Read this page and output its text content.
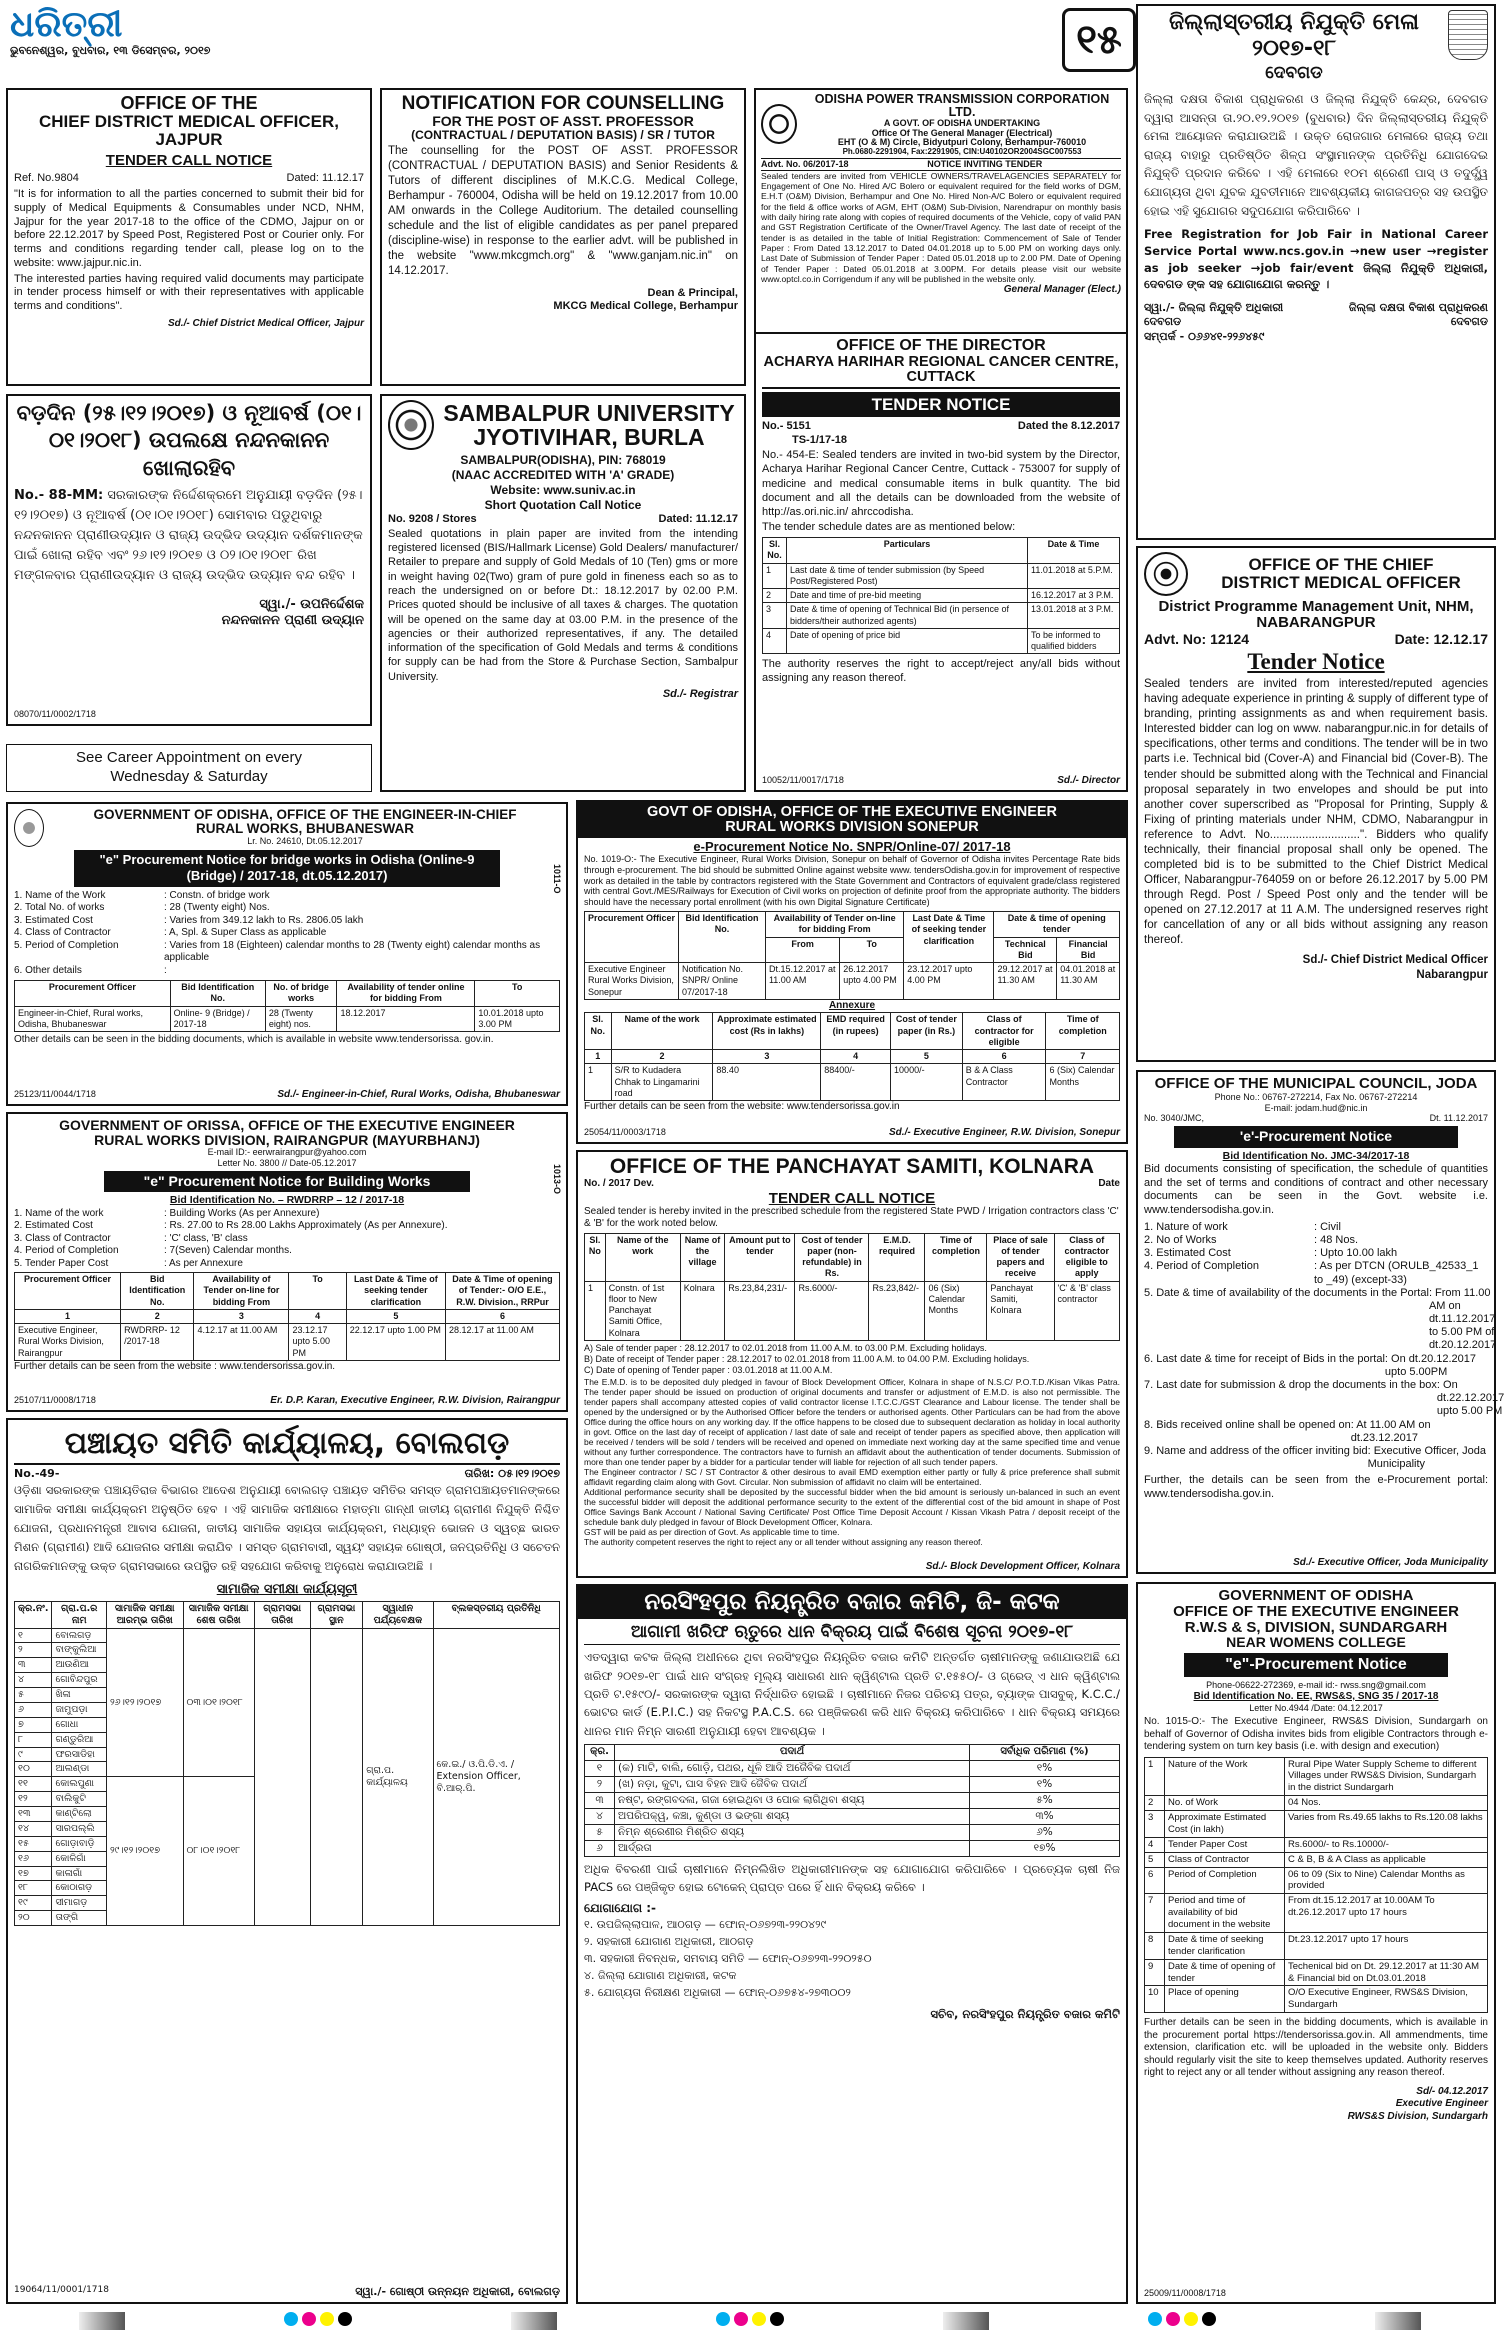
ଧରିତ୍ରୀ
ଭୁବନେଶ୍ୱର, ବୁଧବାର, ୧୩ ଡିସେମ୍ବର, ୨୦୧୭
OFFICE OF THE
CHIEF DISTRICT MEDICAL OFFICER, JAJPUR
TENDER CALL NOTICE
Ref. No.9804	Dated: 11.12.17
"It is for information to all the parties concerned to submit their bid for supply of Medical Equipments & Consumables under NCD, NHM, Jajpur for the year 2017-18 to the office of the CDMO, Jajpur on or before 22.12.2017 by Speed Post, Registered Post or Courier only. For terms and conditions regarding tender call, please log on to the website: www.jajpur.nic.in.
The interested parties having required valid documents may participate in tender process himself or with their representatives with applicable terms and conditions".
Sd./- Chief District Medical Officer, Jajpur
NOTIFICATION FOR COUNSELLING
FOR THE POST OF ASST. PROFESSOR
(CONTRACTUAL / DEPUTATION BASIS) / SR / TUTOR
The counselling for the POST OF ASST. PROFESSOR (CONTRACTUAL / DEPUTATION BASIS) and Senior Residents & Tutors of different disciplines of M.K.C.G. Medical College, Berhampur - 760004, Odisha will be held on 19.12.2017 from 10.00 AM onwards in the College Auditorium. The detailed counselling schedule and the list of eligible candidates as per panel prepared (discipline-wise) in response to the earlier advt. will be published in the website "www.mkcgmch.org" & "www.ganjam.nic.in" on 14.12.2017.
Dean & Principal,
MKCG Medical College, Berhampur
ODISHA POWER TRANSMISSION CORPORATION LTD.
A GOVT. OF ODISHA UNDERTAKING
Office Of The General Manager (Electrical)
EHT (O & M) Circle, Bidyutpuri Colony, Berhampur-760010
Ph.0680-2291904, Fax:2291905, CIN:U40102OR2004SGC007553
Advt. No. 06/2017-18	NOTICE INVITING TENDER
Sealed tenders are invited from VEHICLE OWNERS/TRAVELAGENCIES SEPARATELY for Engagement of One No. Hired A/C Bolero or equivalent required for the field works of DGM, E.H.T (O&M) Division, Berhampur and One No. Hired Non-A/C Bolero or equivalent required for the field & office works of AGM, EHT (O&M) Sub-Division, Narendrapur on monthly basis with daily hiring rate along with copies of required documents of the Vehicle, copy of valid PAN and GST Registration Certificate of the Owner/Travel Agency. The last date of receipt of the tender is as detailed in the table of Initial Registration: Commencement of Sale of Tender Paper : From Dated 13.12.2017 to Dated 04.01.2018 up to 5.00 PM on working days only. Last Date of Submission of Tender Paper : Dated 05.01.2018 up to 2.00 PM. Date of Opening of Tender Paper : Dated 05.01.2018 at 3.00PM. For details please visit our website www.optcl.co.in Corrigendum if any will be published in the website only.
General Manager (Elect.)
୧୫	ଜିଲ୍ଲାସ୍ତରୀୟ ନିଯୁକ୍ତି ମେଳା ୨୦୧୭-୧୮
ଦେବଗଡ
ଜିଲ୍ଲା ଦକ୍ଷତା ବିକାଶ ପ୍ରାଧିକରଣ ଓ ଜିଲ୍ଲା ନିଯୁକ୍ତି କେନ୍ଦ୍ର, ଦେବଗଡ ଦ୍ୱାରା ଆସନ୍ତା ତା.୨୦.୧୨.୨୦୧୭ (ବୁଧବାର) ଦିନ ଜିଲ୍ଲାସ୍ତରୀୟ ନିଯୁକ୍ତି ମେଳା ଆୟୋଜନ କରାଯାଉଅଛି । ଉକ୍ତ ରୋଜଗାର ମେଳାରେ ରାଜ୍ୟ ତଥା ରାଜ୍ୟ ବାହାରୁ ପ୍ରତିଷ୍ଠିତ ଶିଳ୍ପ ସଂସ୍ଥାମାନଙ୍କ ପ୍ରତିନିଧି ଯୋଗଦେଇ ନିଯୁକ୍ତି ପ୍ରଦାନ କରିବେ । ଏହି ମେଳାରେ ୧୦ମ ଶ୍ରେଣୀ ପାସ୍ ଓ ତଦୁର୍ଦ୍ଧ୍ୱ ଯୋଗ୍ୟତା ଥିବା ଯୁବକ ଯୁବତୀମାନେ ଆବଶ୍ୟକୀୟ କାଗଜପତ୍ର ସହ ଉପସ୍ଥିତ ହୋଇ ଏହି ସୁଯୋଗର ସଦୁପଯୋଗ କରିପାରିବେ ।
Free Registration for Job Fair in National Career Service Portal www.ncs.gov.in →new user →register as job seeker →job fair/event ଜିଲ୍ଲା ନିଯୁକ୍ତି ଅଧିକାରୀ, ଦେବଗଡ ଙ୍କ ସହ ଯୋଗାଯୋଗ କରନ୍ତୁ ।
ସ୍ୱା./- ଜିଲ୍ଲା ନିଯୁକ୍ତି ଅଧିକାରୀ	ଜିଲ୍ଲା ଦକ୍ଷତା ବିକାଶ ପ୍ରାଧିକରଣ
ଦେବଗଡ	ଦେବଗଡ
ସମ୍ପର୍କ - ୦୬୬୪୧-୨୨୬୪୫୯
ବଡ଼ଦିନ (୨୫।୧୨।୨୦୧୭) ଓ ନୂଆବର୍ଷ (୦୧।୦୧।୨୦୧୮) ଉପଲକ୍ଷେ ନନ୍ଦନକାନନ ଖୋଲାରହିବ
No.- 88-MM: ସରକାରଙ୍କ ନିର୍ଦ୍ଦେଶକ୍ରମେ ଅନୁଯାୟୀ ବଡ଼ଦିନ (୨୫।୧୨।୨୦୧୭) ଓ ନୂଆବର୍ଷ (୦୧।୦୧।୨୦୧୮) ସୋମବାର ପଡୁଥିବାରୁ ନନ୍ଦନକାନନ ପ୍ରାଣୀଉଦ୍ୟାନ ଓ ରାଜ୍ୟ ଉଦ୍ଭିଦ ଉଦ୍ୟାନ ଦର୍ଶକମାନଙ୍କ ପାଇଁ ଖୋଲା ରହିବ ଏବଂ ୨୬।୧୨।୨୦୧୭ ଓ ୦୨।୦୧।୨୦୧୮ ରିଖ ମଙ୍ଗଳବାର ପ୍ରାଣୀଉଦ୍ୟାନ ଓ ରାଜ୍ୟ ଉଦ୍ଭିଦ ଉଦ୍ୟାନ ବନ୍ଦ ରହିବ ।
ସ୍ୱା./- ଉପନିର୍ଦ୍ଦେଶକ
ନନ୍ଦନକାନନ ପ୍ରାଣୀ ଉଦ୍ୟାନ
08070/11/0002/1718
See Career Appointment on every
Wednesday & Saturday
SAMBALPUR UNIVERSITY
JYOTIVIHAR, BURLA
SAMBALPUR(ODISHA), PIN: 768019
(NAAC ACCREDITED WITH 'A' GRADE)
Website: www.suniv.ac.in
Short Quotation Call Notice
No. 9208 / Stores	Dated: 11.12.17
Sealed quotations in plain paper are invited from the intending registered licensed (BIS/Hallmark License) Gold Dealers/ manufacturer/ Retailer to prepare and supply of Gold Medals of 10 (Ten) gms or more in weight having 02(Two) gram of pure gold in fineness each so as to reach the undersigned on or before Dt.: 18.12.2017 by 02.00 P.M. Prices quoted should be inclusive of all taxes & charges. The quotation will be opened on the same day at 03.00 P.M. in the presence of the agencies or their authorized representatives, if any. The detailed information of the specification of Gold Medals and terms & conditions for supply can be had from the Store & Purchase Section, Sambalpur University.
Sd./- Registrar
OFFICE OF THE DIRECTOR
ACHARYA HARIHAR REGIONAL CANCER CENTRE, CUTTACK
TENDER NOTICE
No.- 5151	Dated the 8.12.2017
TS-1/17-18
No.- 454-E: Sealed tenders are invited in two-bid system by the Director, Acharya Harihar Regional Cancer Centre, Cuttack - 753007 for supply of medicine and medical consumable items in bulk quantity. The bid document and all the details can be downloaded from the website of http://as.ori.nic.in/ ahrccodisha.
The tender schedule dates are as mentioned below:
Sl. No.	Particulars	Date & Time
1	Last date & time of tender submission (by Speed Post/Registered Post)	11.01.2018 at 5.P.M.
2	Date and time of pre-bid meeting	16.12.2017 at 3 P.M.
3	Date & time of opening of Technical Bid (in persence of bidders/their authorized agents)	13.01.2018 at 3 P.M.
4	Date of opening of price bid	To be informed to qualified bidders
The authority reserves the right to accept/reject any/all bids without assigning any reason thereof.
10052/11/0017/1718	Sd./- Director
OFFICE OF THE CHIEF
DISTRICT MEDICAL OFFICER
District Programme Management Unit, NHM, NABARANGPUR
Advt. No: 12124	Date: 12.12.17
Tender Notice
Sealed tenders are invited from interested/reputed agencies having adequate experience in printing & supply of different type of branding, printing assignments as and when requirement basis. Interested bidder can log on www. nabarangpur.nic.in for details of specifications, other terms and conditions. The tender will be in two parts i.e. Technical bid (Cover-A) and Financial bid (Cover-B). The tender should be submitted along with the Technical and Financial proposal separately in two envelopes and should be put into another cover superscribed as "Proposal for Printing, Supply & Fixing of printing materials under NHM, CDMO, Nabarangpur in reference to Advt. No............................". Bidders who qualify technically, their financial proposal shall only be opened. The completed bid is to be submitted to the Chief District Medical Officer, Nabarangpur-764059 on or before 26.12.2017 by 5.00 PM through Regd. Post / Speed Post only and the tender will be opened on 27.12.2017 at 11 A.M. The undersigned reserves right for cancellation of any or all bids without assigning any reason thereof.
Sd./- Chief District Medical Officer
Nabarangpur
GOVERNMENT OF ODISHA, OFFICE OF THE ENGINEER-IN-CHIEF
RURAL WORKS, BHUBANESWAR
Lr. No. 24610, Dt.05.12.2017
"e" Procurement Notice for bridge works in Odisha (Online-9 (Bridge) / 2017-18, dt.05.12.2017)
1. Name of the Work	: Constn. of bridge work
2. Total No. of works	: 28 (Twenty eight) Nos.
3. Estimated Cost	: Varies from 349.12 lakh to Rs. 2806.05 lakh
4. Class of Contractor	: A, Spl. & Super Class as applicable
5. Period of Completion	: Varies from 18 (Eighteen) calendar months to 28 (Twenty eight) calendar months as applicable
6. Other details	:
Procurement Officer	Bid Identification No.	No. of bridge works	Availability of tender online for bidding From	To
Engineer-in-Chief, Rural works, Odisha, Bhubaneswar	Online- 9 (Bridge) / 2017-18	28 (Twenty eight) nos.	18.12.2017	10.01.2018 upto 3.00 PM
Other details can be seen in the bidding documents, which is available in website www.tendersorissa. gov.in.
25123/11/0044/1718	Sd./- Engineer-in-Chief, Rural Works, Odisha, Bhubaneswar
1011-O
GOVT OF ODISHA, OFFICE OF THE EXECUTIVE ENGINEER
RURAL WORKS DIVISION SONEPUR
e-Procurement Notice No. SNPR/Online-07/ 2017-18
No. 1019-O:- The Executive Engineer, Rural Works Division, Sonepur on behalf of Governor of Odisha invites Percentage Rate bids through e-procurement. The bid should be submitted Online against website www. tendersOdisha.gov.in for improvement of respective work as detailed in the table by contractors registered with the State Government and Contractors of equivalent grade/class registered with central Govt./MES/Railways for Execution of Civil works on projection of definite proof from the appropriate authority. The bidders should have the necessary portal enrollment (with his own Digital Signature Certificate)
Procurement Officer	Bid Identification No.	Availability of Tender on-line for bidding From		Last Date & Time of seeking tender clarification	Date & time of opening tender	
		From	To		Technical Bid	Financial Bid
Executive Engineer Rural Works Division, Sonepur	Notification No. SNPR/ Online 07/2017-18	Dt.15.12.2017 at 11.00 AM	26.12.2017 upto 4.00 PM	23.12.2017 upto 4.00 PM	29.12.2017 at 11.30 AM	04.01.2018 at 11.30 AM
Annexure
Sl. No.	Name of the work	Approximate estimated cost (Rs in lakhs)	EMD required (in rupees)	Cost of tender paper (in Rs.)	Class of contractor for eligible	Time of completion
1	2	3	4	5	6	7
1	S/R to Kudadera Chhak to Lingamarini road	88.40	88400/-	10000/-	B & A Class Contractor	6 (Six) Calendar Months
Further details can be seen from the website: www.tendersorissa.gov.in
25054/11/0003/1718	Sd./- Executive Engineer, R.W. Division, Sonepur
GOVERNMENT OF ORISSA, OFFICE OF THE EXECUTIVE ENGINEER
RURAL WORKS DIVISION, RAIRANGPUR (MAYURBHANJ)
E-mail ID:- eerwrairangpur@yahoo.com
Letter No. 3800 // Date-05.12.2017
"e" Procurement Notice for Building Works
Bid Identification No. – RWDRRP – 12 / 2017-18
1. Name of the work	: Building Works (As per Annexure)
2. Estimated Cost	: Rs. 27.00 to Rs 28.00 Lakhs Approximately (As per Annexure).
3. Class of Contractor	: 'C' class, 'B' class
4. Period of Completion	: 7(Seven) Calendar months.
5. Tender Paper Cost	: As per Annexure
Procurement Officer	Bid Identification No.	Availability of Tender on-line for bidding From	To	Last Date & Time of seeking tender clarification	Date & Time of opening of Tender:- O/O E.E., R.W. Division., RRPur
1	2	3	4	5	6
Executive Engineer, Rural Works Division, Rairangpur	RWDRRP- 12 /2017-18	4.12.17 at 11.00 AM	23.12.17 upto 5.00 PM	22.12.17 upto 1.00 PM	28.12.17 at 11.00 AM
Further details can be seen from the website : www.tendersorissa.gov.in.
25107/11/0008/1718	Er. D.P. Karan, Executive Engineer, R.W. Division, Rairangpur
1013-O	OFFICE OF THE PANCHAYAT SAMITI, KOLNARA
No. / 2017 Dev.	Date
TENDER CALL NOTICE
Sealed tender is hereby invited in the prescribed schedule from the registered State PWD / Irrigation contractors class 'C' & 'B' for the work noted below.
Sl. No	Name of the work	Name of the village	Amount put to tender	Cost of tender paper (non-refundable) in Rs.	E.M.D. required	Time of completion	Place of sale of tender papers and receive	Class of contractor eligible to apply
1	Constn. of 1st floor to New Panchayat Samiti Office, Kolnara	Kolnara	Rs.23,84,231/-	Rs.6000/-	Rs.23,842/-	06 (Six) Calendar Months	Panchayat Samiti, Kolnara	'C' & 'B' class contractor
A) Sale of tender paper : 28.12.2017 to 02.01.2018 from 11.00 A.M. to 03.00 P.M. Excluding holidays.
B) Date of receipt of Tender paper : 28.12.2017 to 02.01.2018 from 11.00 A.M. to 04.00 P.M. Excluding holidays.
C) Date of opening of Tender paper : 03.01.2018 at 11.00 A.M.
The E.M.D. is to be deposited duly pledged in favour of Block Development Officer, Kolnara in shape of N.S.C/ P.O.T.D./Kisan Vikas Patra. The tender paper should be issued on production of original documents and transfer or adjustment of E.M.D. is also not permissible. The tender papers shall accompany attested copies of valid contractor license I.T.C.C./GST Clearance and Labour license. The tender shall be opened by the undersigned or by the Authorised Officer before the tenders or authorised agents. Other Particulars can be had from the above Office during the office hours on any working day. If the office happens to be closed due to subsequent declaration as holiday in local authority in govt. Office on the last day of receipt of application / last date of sale and receipt of tender papers as specified above, then application will be received / tenders will be sold / tenders will be received and opened on immediate next working day at the same specified time and venue without any further correspondence. The contractors have to furnish an affidavit about the authentication of tender documents. Submission of more than one tender paper by a bidder for a particular tender will liable for rejection of all such tender papers.
The Engineer contractor / SC / ST Contractor & other desirous to avail EMD exemption either partly or fully & price preference shall submit affidavit regarding claim along with Govt. Circular. Non submission of affidavit no claim will be entertained.
Additional performance security shall be deposited by the successful bidder when the bid amount is seriously un-balanced in such an event the successful bidder will deposit the additional performance security to the extent of the differential cost of the bid amount in shape of Post Office Savings Bank Account / National Saving Certificate/ Post Office Time Deposit Account / Kissan Vikash Patra / deposit receipt of the schedule bank duly pledged in favour of Block Development Officer, Kolnara.
GST will be paid as per direction of Govt. As applicable time to time.
The authority competent reserves the right to reject any or all tender without assigning any reason thereof.
Sd./- Block Development Officer, Kolnara
OFFICE OF THE MUNICIPAL COUNCIL, JODA
Phone No.: 06767-272214, Fax No. 06767-272214
E-mail: jodam.hud@nic.in
No. 3040/JMC,	Dt. 11.12.2017
'e'-Procurement Notice
Bid Identification No. JMC-34/2017-18
Bid documents consisting of specification, the schedule of quantities and the set of terms and conditions of contract and other necessary documents can be seen in the Govt. website i.e. www.tendersodisha.gov.in.
1. Nature of work	: Civil
2. No of Works	: 48 Nos.
3. Estimated Cost	: Upto 10.00 lakh
4. Period of Completion	: As per DTCN (ORULB_42533_1 to _49) (except-33)
5. Date & time of availability of the documents in the Portal : From 11.00 AM on dt.11.12.2017 to 5.00 PM of dt.20.12.2017
6. Last date & time for receipt of Bids in the portal : On dt.20.12.2017 upto 5.00PM
7. Last date for submission & drop the documents in the box : On dt.22.12.2017 upto 5.00 PM
8. Bids received online shall be opened on : At 11.00 AM on dt.23.12.2017
9. Name and address of the officer inviting bid : Executive Officer, Joda Municipality
Further, the details can be seen from the e-Procurement portal: www.tendersodisha.gov.in.
Sd./- Executive Officer, Joda Municipality
ପଞ୍ଚାୟତ ସମିତି କାର୍ଯ୍ୟାଳୟ, ବୋଲଗଡ଼
No.-49-	ତାରିଖ: ୦୫।୧୨।୨୦୧୭
ଓଡ଼ିଶା ସରକାରଙ୍କ ପଞ୍ଚାୟତିରାଜ ବିଭାଗର ଆଦେଶ ଅନୁଯାୟୀ ବୋଲଗଡ଼ ପଞ୍ଚାୟତ ସମିତିର ସମସ୍ତ ଗ୍ରାମପଞ୍ଚାୟତମାନଙ୍କରେ ସାମାଜିକ ସମୀକ୍ଷା କାର୍ଯ୍ୟକ୍ରମ ଅନୁଷ୍ଠିତ ହେବ । ଏହି ସାମାଜିକ ସମୀକ୍ଷାରେ ମହାତ୍ମା ଗାନ୍ଧୀ ଜାତୀୟ ଗ୍ରାମୀଣ ନିଯୁକ୍ତି ନିଶ୍ଚିତ ଯୋଜନା, ପ୍ରଧାନମନ୍ତ୍ରୀ ଆବାସ ଯୋଜନା, ଜାତୀୟ ସାମାଜିକ ସହାୟତା କାର୍ଯ୍ୟକ୍ରମ, ମଧ୍ୟାହ୍ନ ଭୋଜନ ଓ ସ୍ୱଚ୍ଛ ଭାରତ ମିଶନ (ଗ୍ରାମୀଣ) ଆଦି ଯୋଜନାର ସମୀକ୍ଷା କରାଯିବ । ସମସ୍ତ ଗ୍ରାମବାସୀ, ସ୍ୱୟଂ ସହାୟକ ଗୋଷ୍ଠୀ, ଜନପ୍ରତିନିଧି ଓ ସଚେତନ ନାଗରିକମାନଙ୍କୁ ଉକ୍ତ ଗ୍ରାମସଭାରେ ଉପସ୍ଥିତ ରହି ସହଯୋଗ କରିବାକୁ ଅନୁରୋଧ କରାଯାଉଅଛି ।
ସାମାଜିକ ସମୀକ୍ଷା କାର୍ଯ୍ୟସୂଚୀ
କ୍ର.ନଂ.	ଗ୍ରା.ପ.ର ନାମ	ସାମାଜିକ ସମୀକ୍ଷା ଆରମ୍ଭ ତାରିଖ	ସାମାଜିକ ସମୀକ୍ଷା ଶେଷ ତାରିଖ	ଗ୍ରାମସଭା ତାରିଖ	ଗ୍ରାମସଭା ସ୍ଥାନ	ସ୍ୱାଧୀନ ପର୍ଯ୍ୟବେକ୍ଷକ	ବ୍ଲକସ୍ତରୀୟ ପ୍ରତିନିଧି
୧	ବୋଲଗଡ଼	୨୬।୧୨।୨୦୧୭	୦୩।୦୧।୨୦୧୮			ଗ୍ରା.ପ. କାର୍ଯ୍ୟାଳୟ	କେ.ଇ./ ଓ.ପି.ଡି.ଏ. / Extension Officer, ବି.ଆର୍.ପି.
୨	ବାଙ୍କୁଲିଆ						
୩	ଆଉଣିଆ						
୪	ଗୋବିନ୍ଦପୁର						
୫	ଖିଳା						
୬	ଜାମୁପଡ଼ା						
୭	ଗୋଧା						
୮	ଗଣ୍ଡୁରିଆ						
୯	ଫରସାଡିହା						
୧୦	ଆଲଣ୍ଡା						
୧୧	କୋଲପୁଣା	୨୯।୧୨।୨୦୧୭	୦୮।୦୧।୨୦୧୮				
୧୨	ବାଲିକୁଟି						
୧୩	କାଣ୍ଟିଲୋ						
୧୪	ସାରପଲ୍ଲି						
୧୫	ଗୋଡ଼ାବାଡ଼ି						
୧୬	କୋଳିଗାଁ						
୧୭	କାଳାଗାଁ						
୧୮	କୋଠାଗଡ଼						
୧୯	ସୀମାଗଡ଼						
୨୦	ତାଙ୍ଗି						
19064/11/0001/1718	ସ୍ୱା./- ଗୋଷ୍ଠୀ ଉନ୍ନୟନ ଅଧିକାରୀ, ବୋଲଗଡ଼
ନରସିଂହପୁର ନିୟନ୍ତ୍ରିତ ବଜାର କମିଟି, ଜି- କଟକ
ଆଗାମୀ ଖରିଫ ଋତୁରେ ଧାନ ବିକ୍ରୟ ପାଇଁ ବିଶେଷ ସୂଚନା ୨୦୧୭-୧୮
ଏତଦ୍ୱାରା କଟକ ଜିଲ୍ଲା ଅଧୀନରେ ଥିବା ନରସିଂହପୁର ନିୟନ୍ତ୍ରିତ ବଜାର କମିଟି ଅନ୍ତର୍ଗତ ଚାଷୀମାନଙ୍କୁ ଜଣାଯାଉଅଛି ଯେ ଖରିଫ ୨୦୧୭-୧୮ ପାଇଁ ଧାନ ସଂଗ୍ରହ ମୂଲ୍ୟ ସାଧାରଣ ଧାନ କ୍ୱିଣ୍ଟାଲ ପ୍ରତି ଟ.୧୫୫୦/- ଓ ଗ୍ରେଡ୍ ଏ ଧାନ କ୍ୱିଣ୍ଟାଲ ପ୍ରତି ଟ.୧୫୯୦/- ସରକାରଙ୍କ ଦ୍ୱାରା ନିର୍ଦ୍ଧାରିତ ହୋଇଛି । ଚାଷୀମାନେ ନିଜର ପରିଚୟ ପତ୍ର, ବ୍ୟାଙ୍କ ପାସବୁକ୍, K.C.C./ ଭୋଟର କାର୍ଡ (E.P.I.C.) ସହ ନିକଟସ୍ଥ P.A.C.S. ରେ ପଞ୍ଜିକରଣ କରି ଧାନ ବିକ୍ରୟ କରିପାରିବେ । ଧାନ ବିକ୍ରୟ ସମୟରେ ଧାନର ମାନ ନିମ୍ନ ସାରଣୀ ଅନୁଯାୟୀ ହେବା ଆବଶ୍ୟକ ।
କ୍ର.	ପଦାର୍ଥ	ସର୍ବାଧିକ ପରିମାଣ (%)
୧	(କ) ମାଟି, ବାଲି, ଗୋଡ଼ି, ପଥର, ଧୂଳି ଆଦି ଅଜୈବିକ ପଦାର୍ଥ	୧%
୨	(ଖ) ନଡ଼ା, କୁଟା, ଘାସ ବିହନ ଆଦି ଜୈବିକ ପଦାର୍ଥ	୧%
୩	ନଷ୍ଟ, ରଙ୍ଗବଦଳା, ଗଜା ହୋଇଥିବା ଓ ପୋକ ଲାଗିଥିବା ଶସ୍ୟ	୫%
୪	ଅପରିପକ୍ୱ, କଞ୍ଚା, କୁଣ୍ଡା ଓ ଭଙ୍ଗା ଶସ୍ୟ	୩%
୫	ନିମ୍ନ ଶ୍ରେଣୀର ମିଶ୍ରିତ ଶସ୍ୟ	୬%
୬	ଆର୍ଦ୍ରତା	୧୭%
ଅଧିକ ବିବରଣୀ ପାଇଁ ଚାଷୀମାନେ ନିମ୍ନଲିଖିତ ଅଧିକାରୀମାନଙ୍କ ସହ ଯୋଗାଯୋଗ କରିପାରିବେ । ପ୍ରତ୍ୟେକ ଚାଷୀ ନିଜ PACS ରେ ପଞ୍ଜିକୃତ ହୋଇ ଟୋକେନ୍ ପ୍ରାପ୍ତ ପରେ ହିଁ ଧାନ ବିକ୍ରୟ କରିବେ ।
ଯୋଗାଯୋଗ :-
୧. ଉପଜିଲ୍ଲାପାଳ, ଆଠଗଡ଼ — ଫୋନ୍-୦୬୭୨୩-୨୨୦୪୨୯
୨. ସହକାରୀ ଯୋଗାଣ ଅଧିକାରୀ, ଆଠଗଡ଼
୩. ସହକାରୀ ନିବନ୍ଧକ, ସମବାୟ ସମିତି — ଫୋନ୍-୦୬୭୨୩-୨୨୦୨୫୦
୪. ଜିଲ୍ଲା ଯୋଗାଣ ଅଧିକାରୀ, କଟକ
୫. ଯୋଗ୍ୟତା ନିରୀକ୍ଷଣ ଅଧିକାରୀ — ଫୋନ୍-୦୬୭୫୪-୨୭୩୦୦୨
ସଚିବ, ନରସିଂହପୁର ନିୟନ୍ତ୍ରିତ ବଜାର କମିଟି
GOVERNMENT OF ODISHA
OFFICE OF THE EXECUTIVE ENGINEER
R.W.S & S, DIVISION, SUNDARGARH
NEAR WOMENS COLLEGE
"e"-Procurement Notice
Phone-06622-272369, e-mail id:- rwss.sng@gmail.com
Bid Identification No. EE, RWS&S, SNG 35 / 2017-18
Letter No.4944 /Date: 04.12.2017
No. 1015-O:- The Executive Engineer, RWS&S Division, Sundargarh on behalf of Governor of Odisha invites bids from eligible Contractors through e-tendering system on turn key basis (i.e. with design and execution)
1	Nature of the Work	Rural Pipe Water Supply Scheme to different Villages under RWS&S Division, Sundargarh in the district Sundargarh
2	No. of Work	04 Nos.
3	Approximate Estimated Cost (in lakh)	Varies from Rs.49.65 lakhs to Rs.120.08 lakhs
4	Tender Paper Cost	Rs.6000/- to Rs.10000/-
5	Class of Contractor	C & B, B & A Class as applicable
6	Period of Completion	06 to 09 (Six to Nine) Calendar Months as provided
7	Period and time of availability of bid document in the website	From dt.15.12.2017 at 10.00AM To dt.26.12.2017 upto 17 hours
8	Date & time of seeking tender clarification	Dt.23.12.2017 upto 17 hours
9	Date & time of opening of tender	Techenical bid on Dt. 29.12.2017 at 11:30 AM & Financial bid on Dt.03.01.2018
10	Place of opening	O/O Executive Engineer, RWS&S Division, Sundargarh
Further details can be seen in the bidding documents, which is available in the procurement portal https://tendersorissa.gov.in. All ammendments, time extension, clarification etc. will be uploaded in the website only. Bidders should regularly visit the site to keep themselves updated. Authority reserves right to reject any or all tender without assigning any reason thereof.
Sd/- 04.12.2017
Executive Engineer
RWS&S Division, Sundargarh
25009/11/0008/1718
